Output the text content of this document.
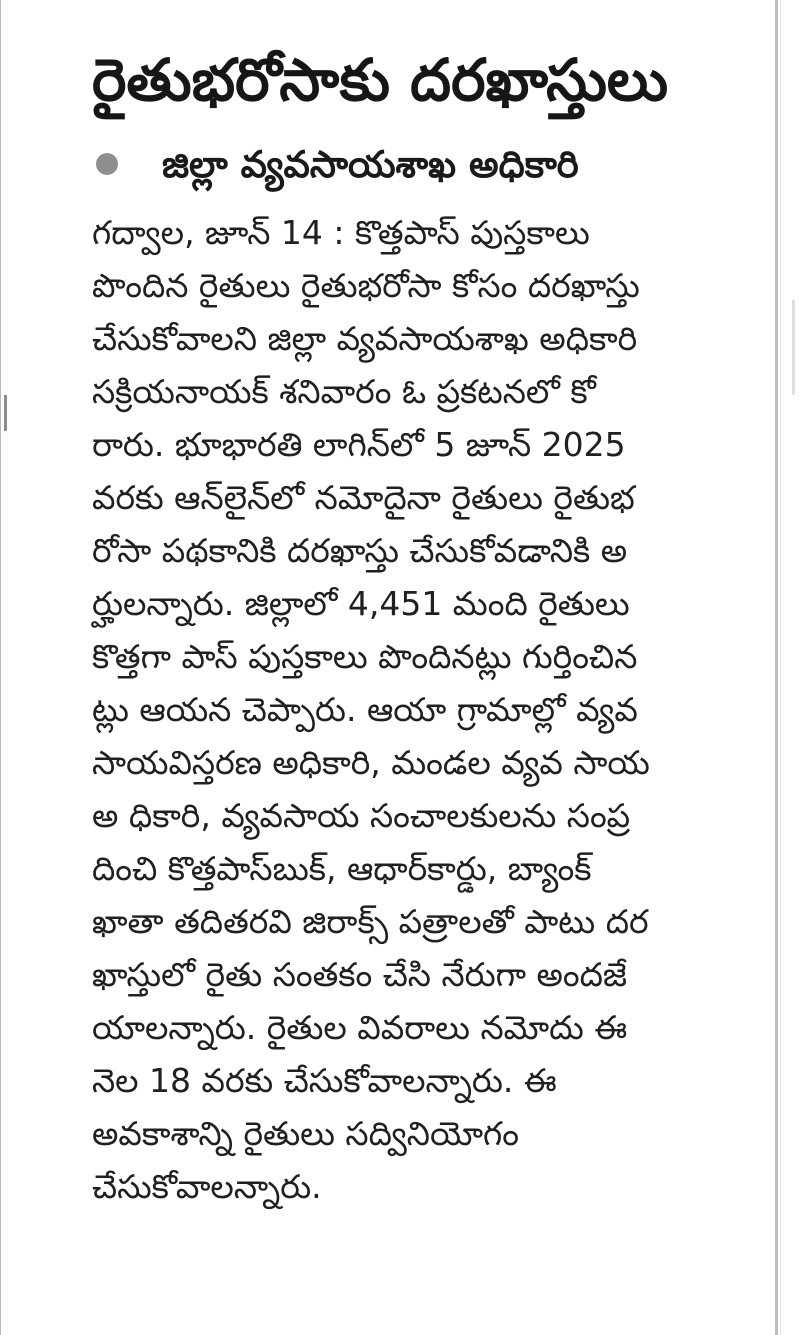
రైతుభరోసాకు దరఖాస్తులు
జిల్లా వ్యవసాయశాఖ అధికారి
గద్వాల, జూన్ 14 : కొత్తపాస్ పుస్తకాలు
పొందిన రైతులు రైతుభరోసా కోసం దరఖాస్తు
చేసుకోవాలని జిల్లా వ్యవసాయశాఖ అధికారి
సక్రియనాయక్ శనివారం ఓ ప్రకటనలో కో
రారు. భూభారతి లాగిన్‌లో 5 జూన్ 2025
వరకు ఆన్‌లైన్‌లో నమోదైనా రైతులు రైతుభ
రోసా పథకానికి దరఖాస్తు చేసుకోవడానికి అ
ర్హులన్నారు. జిల్లాలో 4,451 మంది రైతులు
కొత్తగా పాస్ పుస్తకాలు పొందినట్లు గుర్తించిన
ట్లు ఆయన చెప్పారు. ఆయా గ్రామాల్లో వ్యవ
సాయవిస్తరణ అధికారి, మండల వ్యవ సాయ
అ ధికారి, వ్యవసాయ సంచాలకులను సంప్ర
దించి కొత్తపాస్‌బుక్, ఆధార్‌కార్డు, బ్యాంక్
ఖాతా తదితరవి జిరాక్స్ పత్రాలతో పాటు దర
ఖాస్తులో రైతు సంతకం చేసి నేరుగా అందజే
యాలన్నారు. రైతుల వివరాలు నమోదు ఈ
నెల 18 వరకు చేసుకోవాలన్నారు. ఈ
అవకాశాన్ని రైతులు సద్వినియోగం
చేసుకోవాలన్నారు.
